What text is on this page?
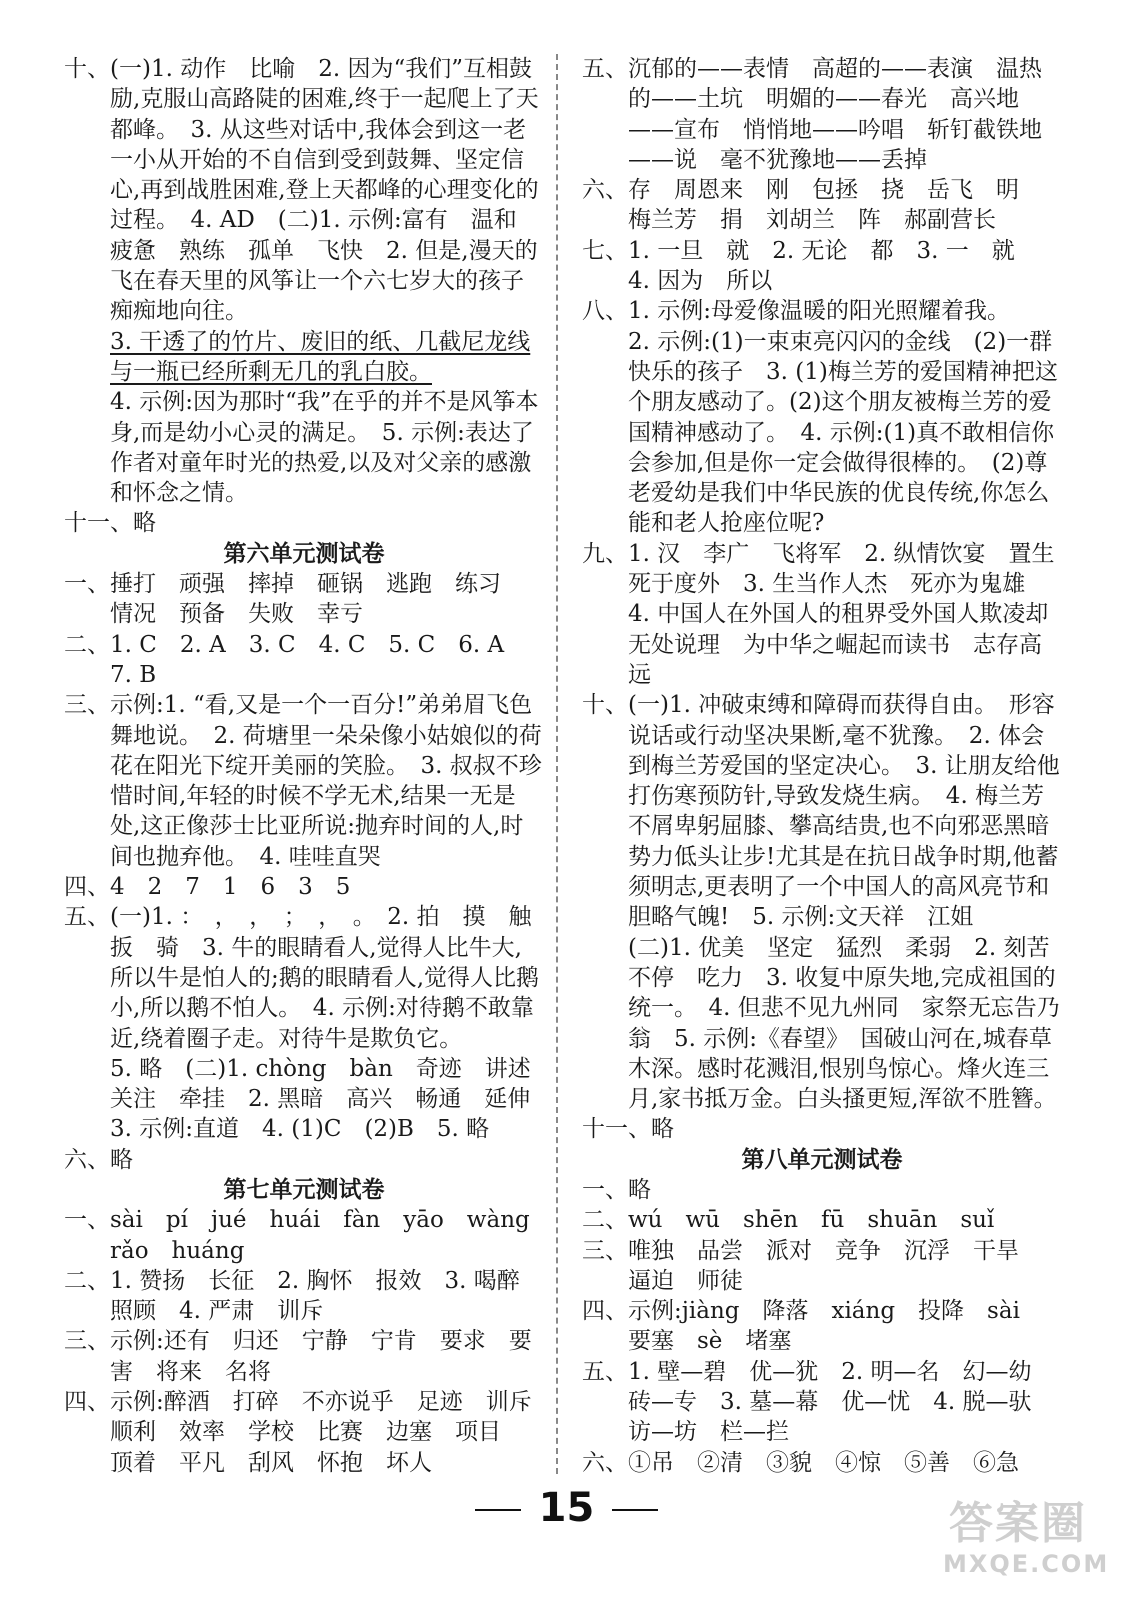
十、(一)1. 动作　比喻　2. 因为“我们”互相鼓励,克服山高路陡的困难,终于一起爬上了天都峰。　3. 从这些对话中,我体会到这一老一小从开始的不自信到受到鼓舞、坚定信心,再到战胜困难,登上天都峰的心理变化的过程。　4. AD　(二)1. 示例:富有　温和　疲惫　熟练　孤单　飞快　2. 但是,漫天的飞在春天里的风筝让一个六七岁大的孩子痴痴地向往。

3. 干透了的竹片、废旧的纸、几截尼龙线与一瓶已经所剩无几的乳白胶。

4. 示例:因为那时“我”在乎的并不是风筝本身,而是幼小心灵的满足。　5. 示例:表达了作者对童年时光的热爱,以及对父亲的感激和怀念之情。

十一、略

第六单元测试卷

一、捶打　顽强　摔掉　砸锅　逃跑　练习　情况　预备　失败　幸亏

二、1. C　2. A　3. C　4. C　5. C　6. A　7. B

三、示例:1. “看,又是一个一百分!”弟弟眉飞色舞地说。　2. 荷塘里一朵朵像小姑娘似的荷花在阳光下绽开美丽的笑脸。　3. 叔叔不珍惜时间,年轻的时候不学无术,结果一无是处,这正像莎士比亚所说:抛弃时间的人,时间也抛弃他。　4. 哇哇直哭

四、4　2　7　1　6　3　5

五、(一)1. ：　，　，　；　，　。　2. 拍　摸　触　扳　骑　3. 牛的眼睛看人,觉得人比牛大,所以牛是怕人的;鹅的眼睛看人,觉得人比鹅小,所以鹅不怕人。　4. 示例:对待鹅不敢靠近,绕着圈子走。对待牛是欺负它。

5. 略　(二)1. chòng　bàn　奇迹　讲述　关注　牵挂　2. 黑暗　高兴　畅通　延伸　3. 示例:直道　4. (1)C　(2)B　5. 略

六、略

第七单元测试卷

一、sài　pí　jué　huái　fàn　yāo　wàng　rǎo　huáng

二、1. 赞扬　长征　2. 胸怀　报效　3. 喝醉　照顾　4. 严肃　训斥

三、示例:还有　归还　宁静　宁肯　要求　要害　将来　名将

四、示例:醉酒　打碎　不亦说乎　足迹　训斥　顺利　效率　学校　比赛　边塞　项目　顶着　平凡　刮风　怀抱　坏人

五、沉郁的——表情　高超的——表演　温热的——土坑　明媚的——春光　高兴地——宣布　悄悄地——吟唱　斩钉截铁地——说　毫不犹豫地——丢掉

六、存　周恩来　刚　包拯　挠　岳飞　明　梅兰芳　捐　刘胡兰　阵　郝副营长

七、1. 一旦　就　2. 无论　都　3. 一　就

4. 因为　所以

八、1. 示例:母爱像温暖的阳光照耀着我。

2. 示例:(1)一束束亮闪闪的金线　(2)一群快乐的孩子　3. (1)梅兰芳的爱国精神把这个朋友感动了。(2)这个朋友被梅兰芳的爱国精神感动了。　4. 示例:(1)真不敢相信你会参加,但是你一定会做得很棒的。　(2)尊老爱幼是我们中华民族的优良传统,你怎么能和老人抢座位呢?

九、1. 汉　李广　飞将军　2. 纵情饮宴　置生死于度外　3. 生当作人杰　死亦为鬼雄

4. 中国人在外国人的租界受外国人欺凌却无处说理　为中华之崛起而读书　志存高远

十、(一)1. 冲破束缚和障碍而获得自由。　形容说话或行动坚决果断,毫不犹豫。　2. 体会到梅兰芳爱国的坚定决心。　3. 让朋友给他打伤寒预防针,导致发烧生病。　4. 梅兰芳不屑卑躬屈膝、攀高结贵,也不向邪恶黑暗势力低头让步!尤其是在抗日战争时期,他蓄须明志,更表明了一个中国人的高风亮节和胆略气魄!　5. 示例:文天祥　江姐

(二)1. 优美　坚定　猛烈　柔弱　2. 刻苦　不停　吃力　3. 收复中原失地,完成祖国的统一。　4. 但悲不见九州同　家祭无忘告乃翁　5. 示例:《春望》　国破山河在,城春草木深。感时花溅泪,恨别鸟惊心。烽火连三月,家书抵万金。白头搔更短,浑欲不胜簪。

十一、略

第八单元测试卷

一、略

二、wú　wū　shēn　fū　shuān　suǐ

三、唯独　品尝　派对　竞争　沉浮　干旱　逼迫　师徒

四、示例:jiàng　降落　xiáng　投降　sài　要塞　sè　堵塞

五、1. 壁—碧　优—犹　2. 明—名　幻—幼　砖—专　3. 墓—幕　优—忧　4. 脱—驮　访—坊　栏—拦

六、①吊　②清　③貌　④惊　⑤善　⑥急

15	答案圈
MXQE.COM
